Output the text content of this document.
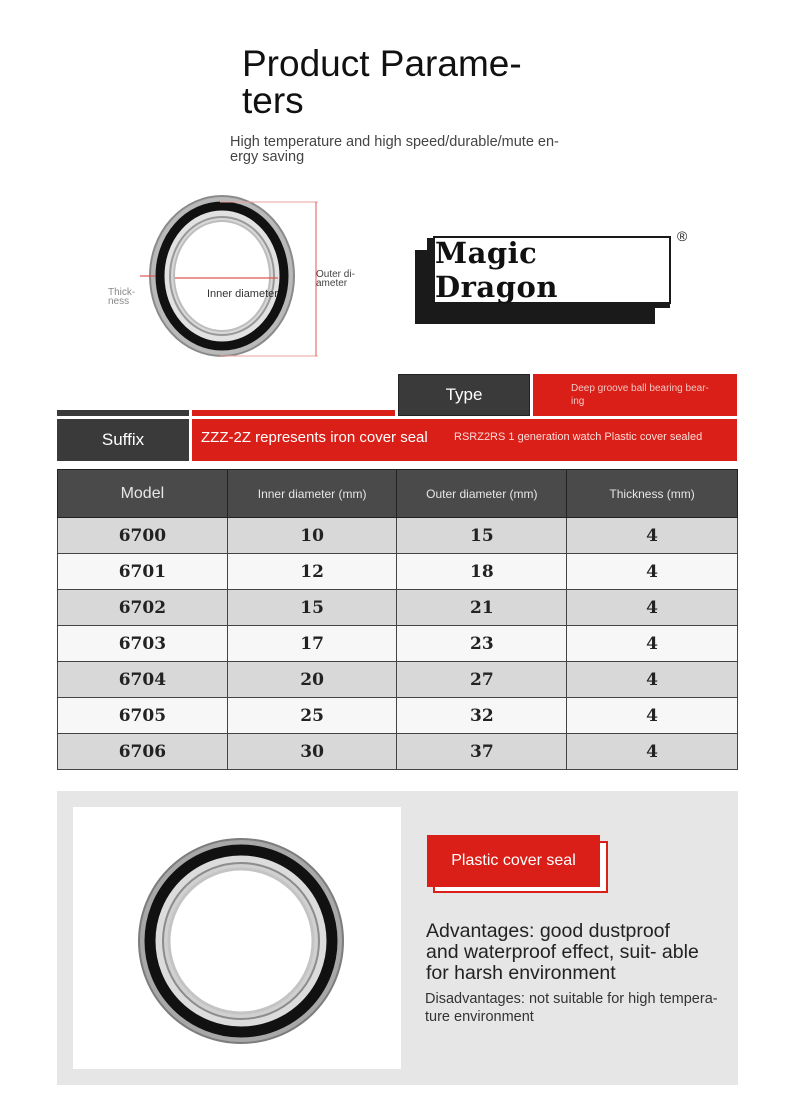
Product Parame-
ters
High temperature and high speed/durable/mute en-
ergy saving
Thick-
ness
Inner diameter
Outer di-
ameter
Magic Dragon
®
Type	Deep groove ball bearing bear-
ing
Suffix	ZZZ-2Z represents iron cover seal RSRZ2RS 1 generation watch Plastic cover sealed
Model	Inner diameter (mm)	Outer diameter (mm)	Thickness (mm)
6700	10	15	4
6701	12	18	4
6702	15	21	4
6703	17	23	4
6704	20	27	4
6705	25	32	4
6706	30	37	4
Plastic cover seal
Advantages: good dustproof and waterproof effect, suit- able for harsh environment
Disadvantages: not suitable for high tempera- ture environment
